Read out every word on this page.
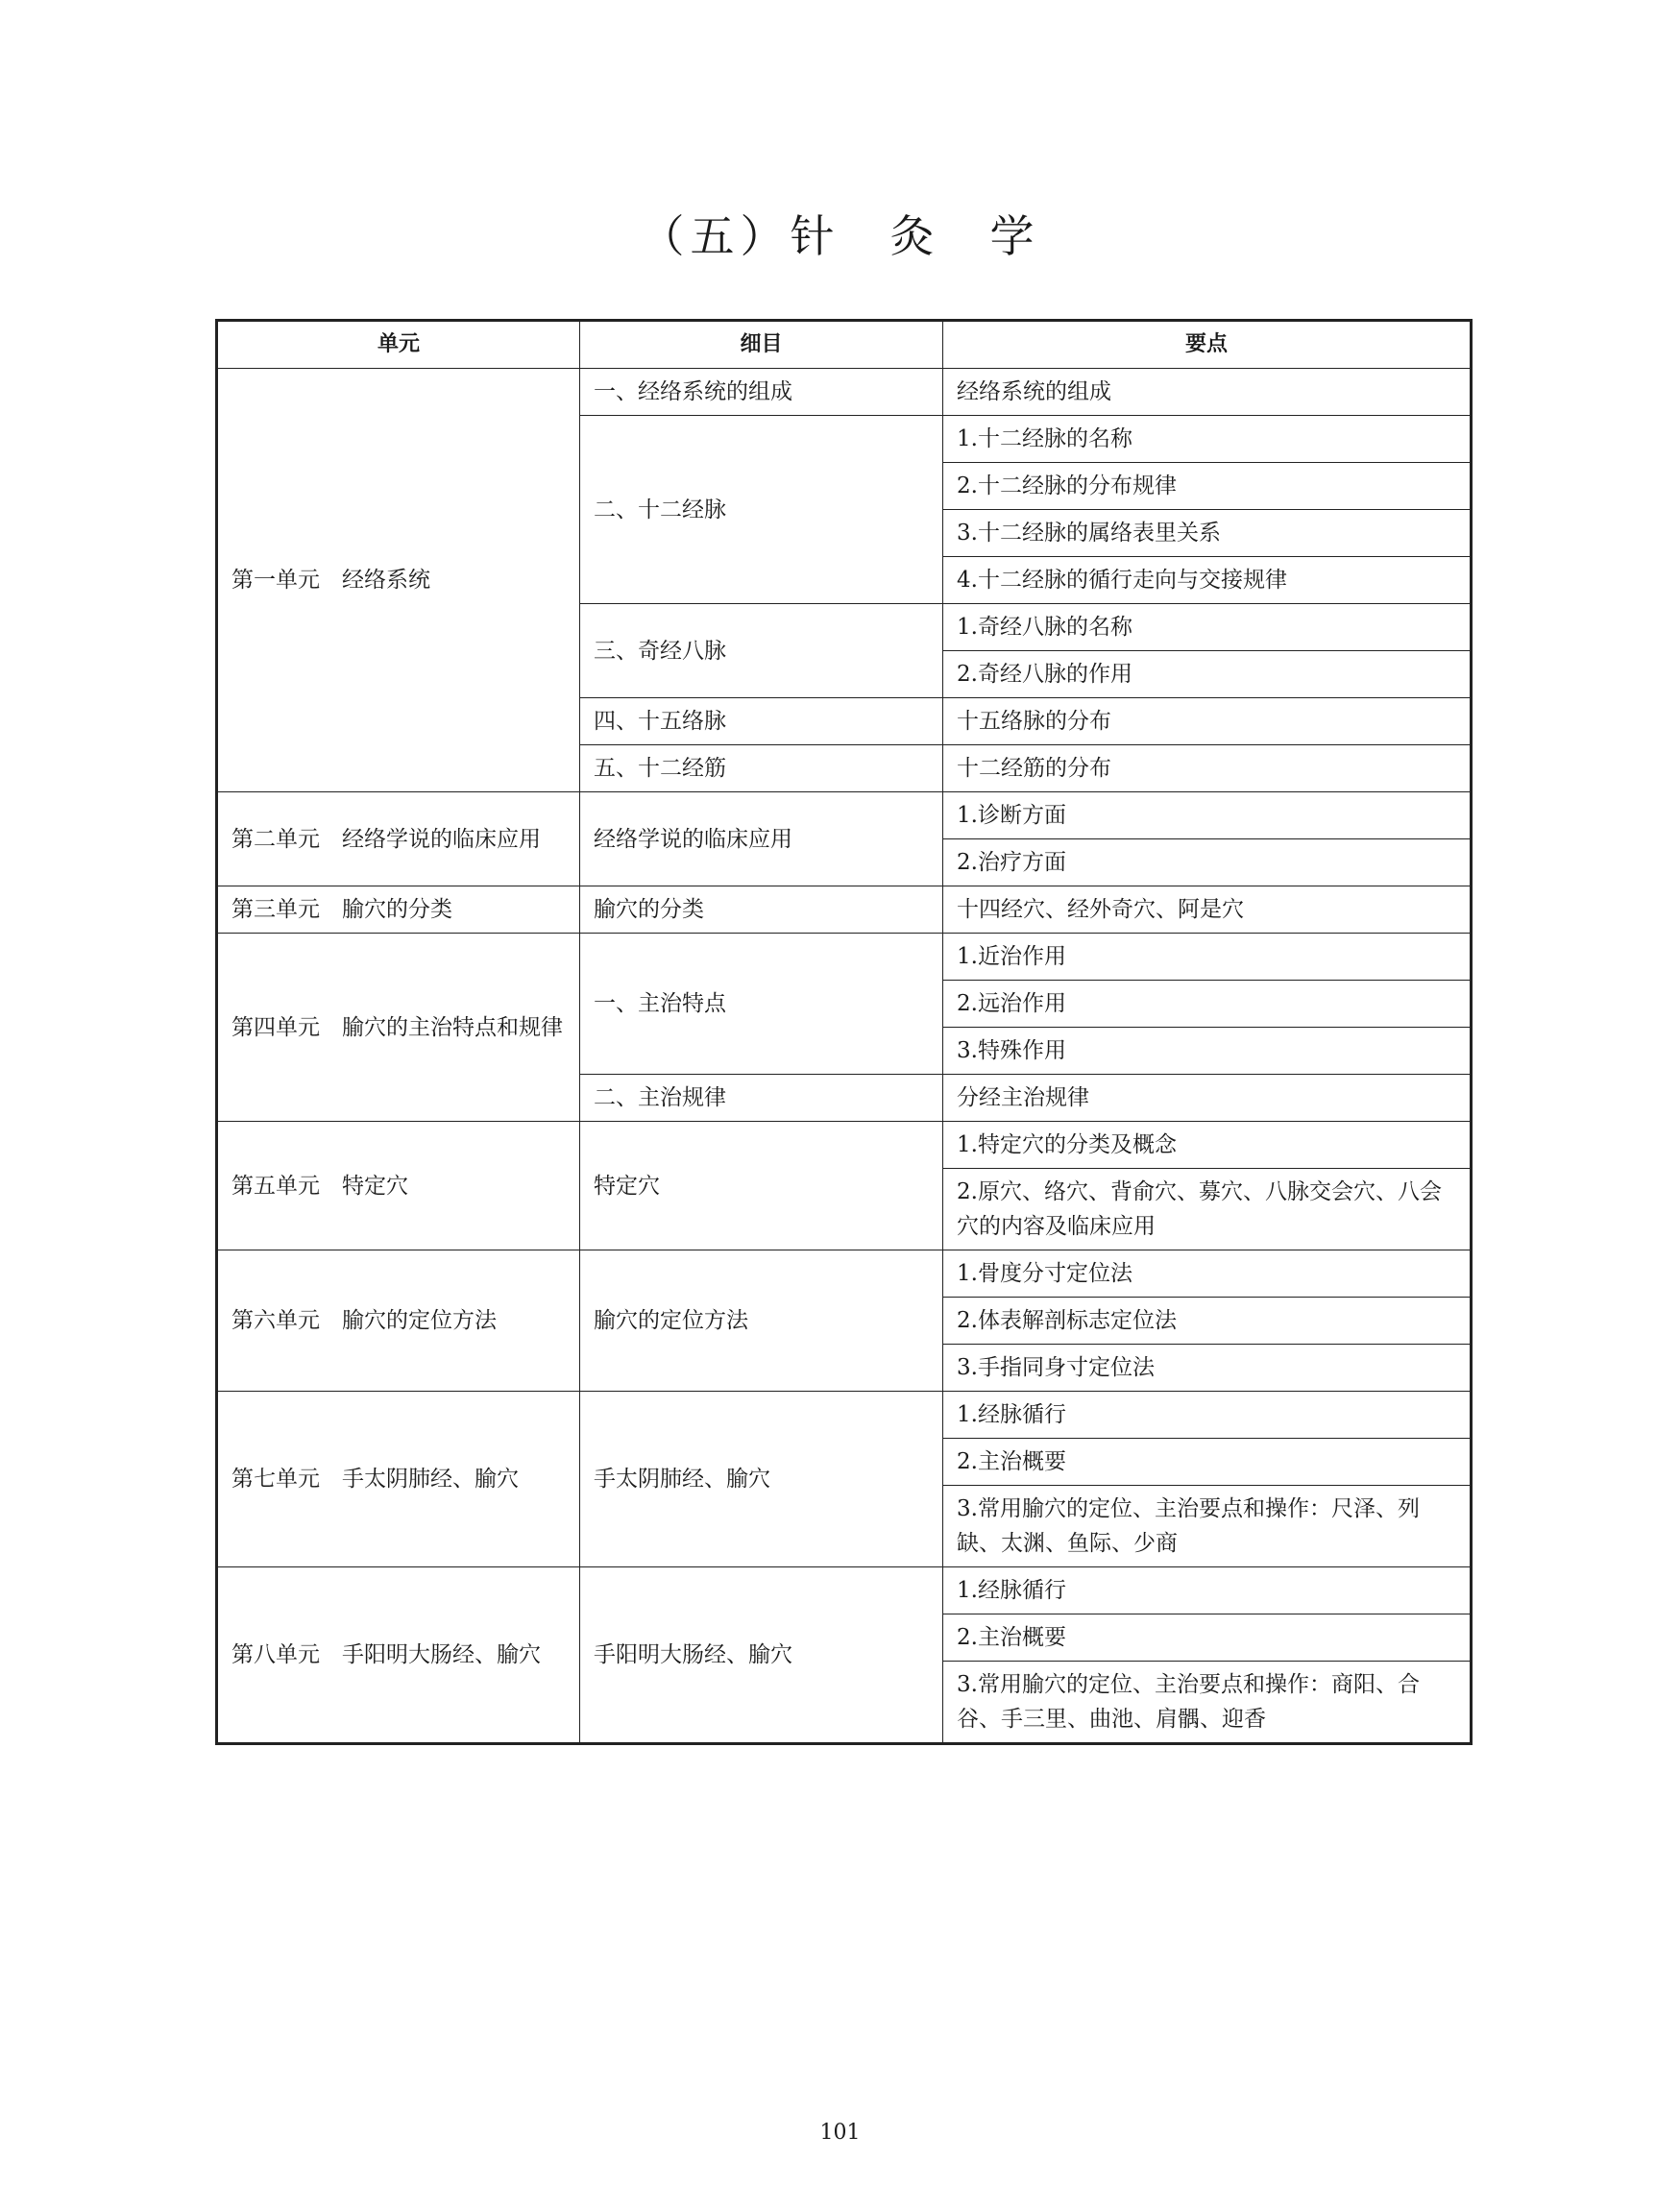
（五）针　灸　学
单元	细目	要点
第一单元　经络系统	一、经络系统的组成	经络系统的组成
	二、十二经脉	1.十二经脉的名称
		2.十二经脉的分布规律
		3.十二经脉的属络表里关系
		4.十二经脉的循行走向与交接规律
	三、奇经八脉	1.奇经八脉的名称
		2.奇经八脉的作用
	四、十五络脉	十五络脉的分布
	五、十二经筋	十二经筋的分布
第二单元　经络学说的临床应用	经络学说的临床应用	1.诊断方面
		2.治疗方面
第三单元　腧穴的分类	腧穴的分类	十四经穴、经外奇穴、阿是穴
第四单元　腧穴的主治特点和规律	一、主治特点	1.近治作用
		2.远治作用
		3.特殊作用
	二、主治规律	分经主治规律
第五单元　特定穴	特定穴	1.特定穴的分类及概念
		2.原穴、络穴、背俞穴、募穴、八脉交会穴、八会穴的内容及临床应用
第六单元　腧穴的定位方法	腧穴的定位方法	1.骨度分寸定位法
		2.体表解剖标志定位法
		3.手指同身寸定位法
第七单元　手太阴肺经、腧穴	手太阴肺经、腧穴	1.经脉循行
		2.主治概要
		3.常用腧穴的定位、主治要点和操作：尺泽、列缺、太渊、鱼际、少商
第八单元　手阳明大肠经、腧穴	手阳明大肠经、腧穴	1.经脉循行
		2.主治概要
		3.常用腧穴的定位、主治要点和操作：商阳、合谷、手三里、曲池、肩髃、迎香
101
